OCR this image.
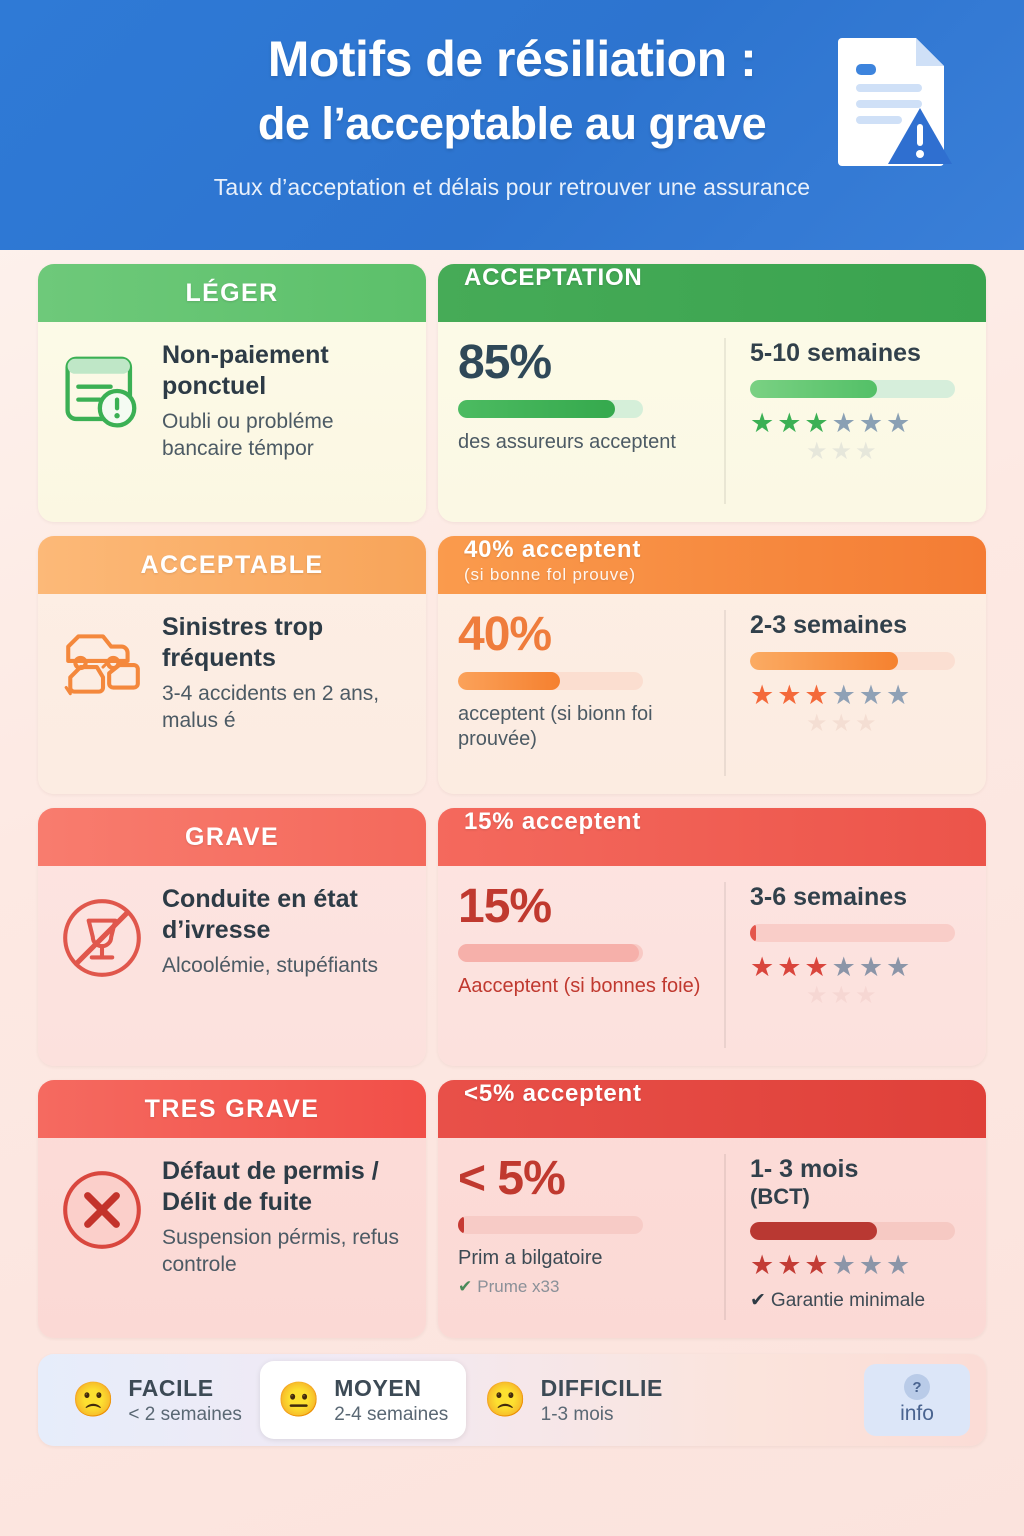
Motifs de résiliation :
de l’acceptable au grave
Taux d’acceptation et délais pour retrouver une assurance
LÉGER
Non-paiement ponctuel
Oubli ou probléme bancaire témpor
ACCEPTATION
85%
des assureurs acceptent
5-10 semaines
★★★★★★
★★★
ACCEPTABLE
Sinistres trop fréquents
3-4 accidents en 2 ans, malus é
40% acceptent
(si bonne fol prouve)
40%
acceptent (si bionn foi prouvée)
2-3 semaines
★★★★★★
★★★
GRAVE
Conduite en état d’ivresse
Alcoolémie, stupéfiants
15% acceptent
15%
Aacceptent (si bonnes foie)
3-6 semaines
★★★★★★
★★★
TRES GRAVE
Défaut de permis / Délit de fuite
Suspension pérmis, refus controle
<5% acceptent
< 5%
Prim a bilgatoire
✔ Prume x33
1- 3 mois
(BCT)
★★★★★★
✔ Garantie minimale
🙁 FACILE
< 2 semaines 😐 MOYEN
2-4 semaines 🙁 DIFFICILIE
1-3 mois
?
info
